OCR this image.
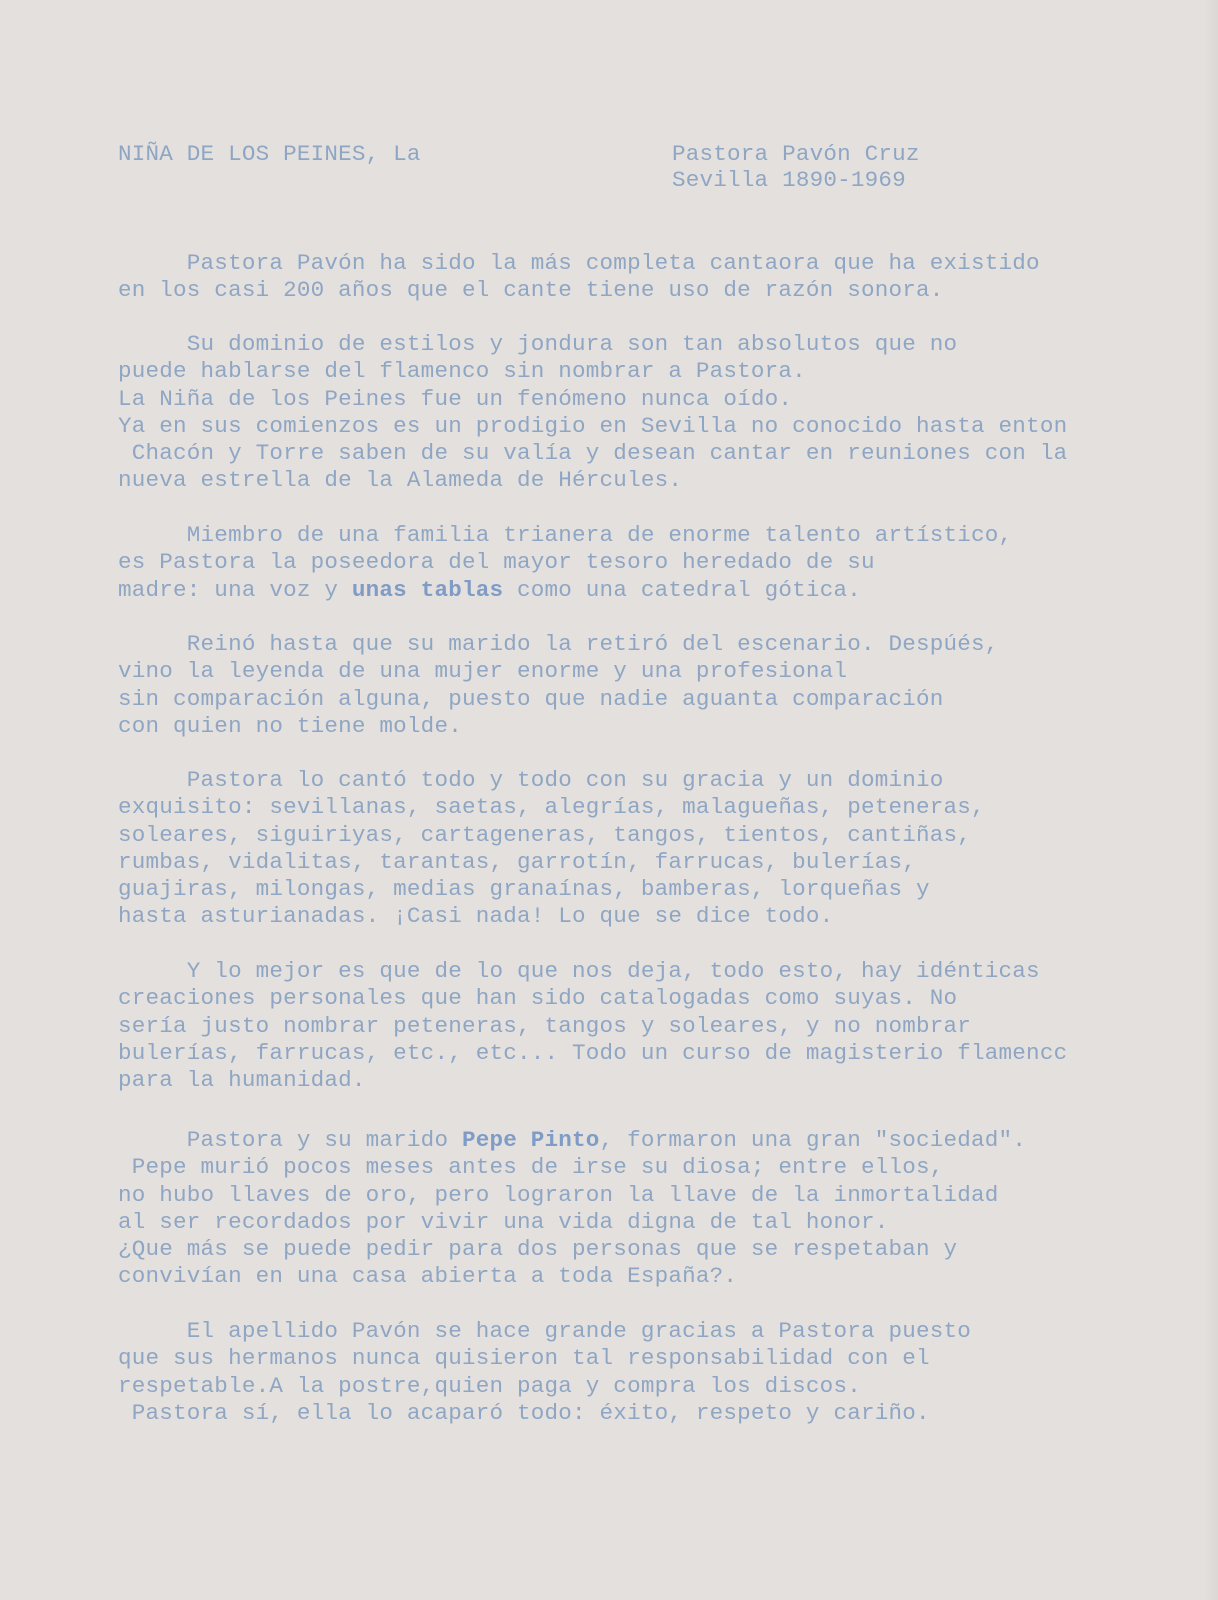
NIÑA DE LOS PEINES, La	Pastora Pavón Cruz
Sevilla 1890-1969
Pastora Pavón ha sido la más completa cantaora que ha existido
en los casi 200 años que el cante tiene uso de razón sonora.
Su dominio de estilos y jondura son tan absolutos que no
puede hablarse del flamenco sin nombrar a Pastora.
La Niña de los Peines fue un fenómeno nunca oído.
Ya en sus comienzos es un prodigio en Sevilla no conocido hasta enton
Chacón y Torre saben de su valía y desean cantar en reuniones con la
nueva estrella de la Alameda de Hércules.
Miembro de una familia trianera de enorme talento artístico,
es Pastora la poseedora del mayor tesoro heredado de su
madre: una voz y unas tablas como una catedral gótica.
Reinó hasta que su marido la retiró del escenario. Despúés,
vino la leyenda de una mujer enorme y una profesional
sin comparación alguna, puesto que nadie aguanta comparación
con quien no tiene molde.
Pastora lo cantó todo y todo con su gracia y un dominio
exquisito: sevillanas, saetas, alegrías, malagueñas, peteneras,
soleares, siguiriyas, cartageneras, tangos, tientos, cantiñas,
rumbas, vidalitas, tarantas, garrotín, farrucas, bulerías,
guajiras, milongas, medias granaínas, bamberas, lorqueñas y
hasta asturianadas. ¡Casi nada! Lo que se dice todo.
Y lo mejor es que de lo que nos deja, todo esto, hay idénticas
creaciones personales que han sido catalogadas como suyas. No
sería justo nombrar peteneras, tangos y soleares, y no nombrar
bulerías, farrucas, etc., etc... Todo un curso de magisterio flamencc
para la humanidad.
Pastora y su marido Pepe Pinto, formaron una gran "sociedad".
Pepe murió pocos meses antes de irse su diosa; entre ellos,
no hubo llaves de oro, pero lograron la llave de la inmortalidad
al ser recordados por vivir una vida digna de tal honor.
¿Que más se puede pedir para dos personas que se respetaban y
convivían en una casa abierta a toda España?.
El apellido Pavón se hace grande gracias a Pastora puesto
que sus hermanos nunca quisieron tal responsabilidad con el
respetable.A la postre,quien paga y compra los discos.
Pastora sí, ella lo acaparó todo: éxito, respeto y cariño.
